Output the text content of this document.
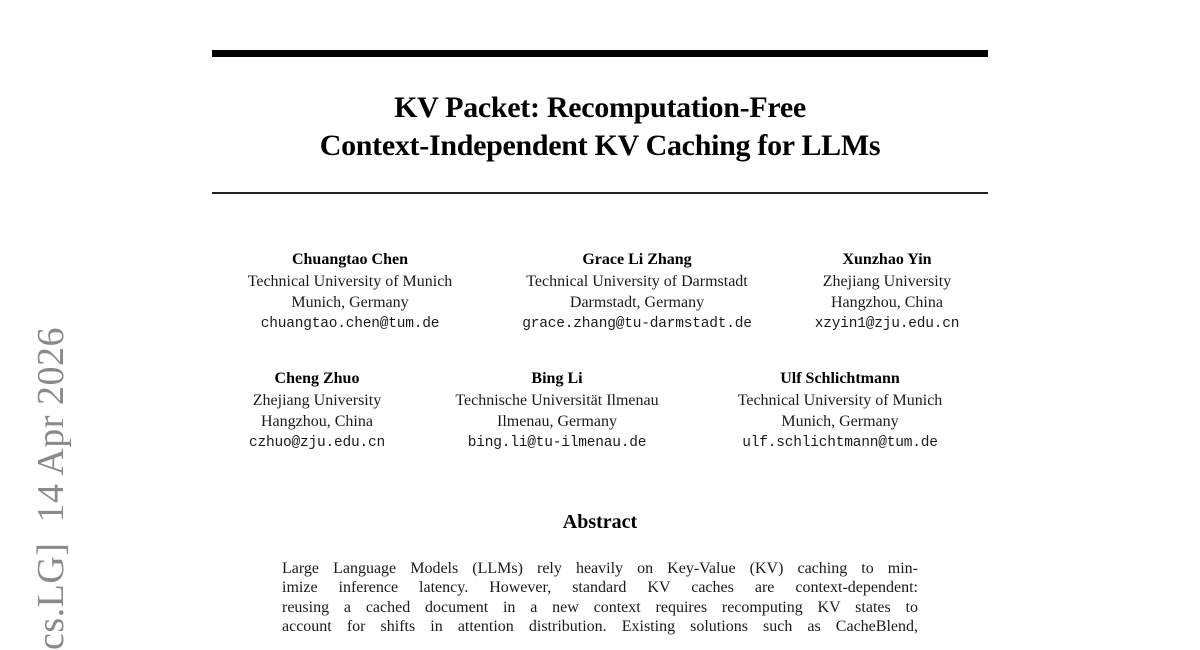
cs.LG]  14 Apr 2026
KV Packet: Recomputation-Free
Context-Independent KV Caching for LLMs
Chuangtao Chen
Technical University of Munich
Munich, Germany
chuangtao.chen@tum.de
Grace Li Zhang
Technical University of Darmstadt
Darmstadt, Germany
grace.zhang@tu-darmstadt.de
Xunzhao Yin
Zhejiang University
Hangzhou, China
xzyin1@zju.edu.cn
Cheng Zhuo
Zhejiang University
Hangzhou, China
czhuo@zju.edu.cn
Bing Li
Technische Universität Ilmenau
Ilmenau, Germany
bing.li@tu-ilmenau.de
Ulf Schlichtmann
Technical University of Munich
Munich, Germany
ulf.schlichtmann@tum.de
Abstract
Large Language Models (LLMs) rely heavily on Key-Value (KV) caching to min-
imize inference latency. However, standard KV caches are context-dependent:
reusing a cached document in a new context requires recomputing KV states to
account for shifts in attention distribution. Existing solutions such as CacheBlend,
